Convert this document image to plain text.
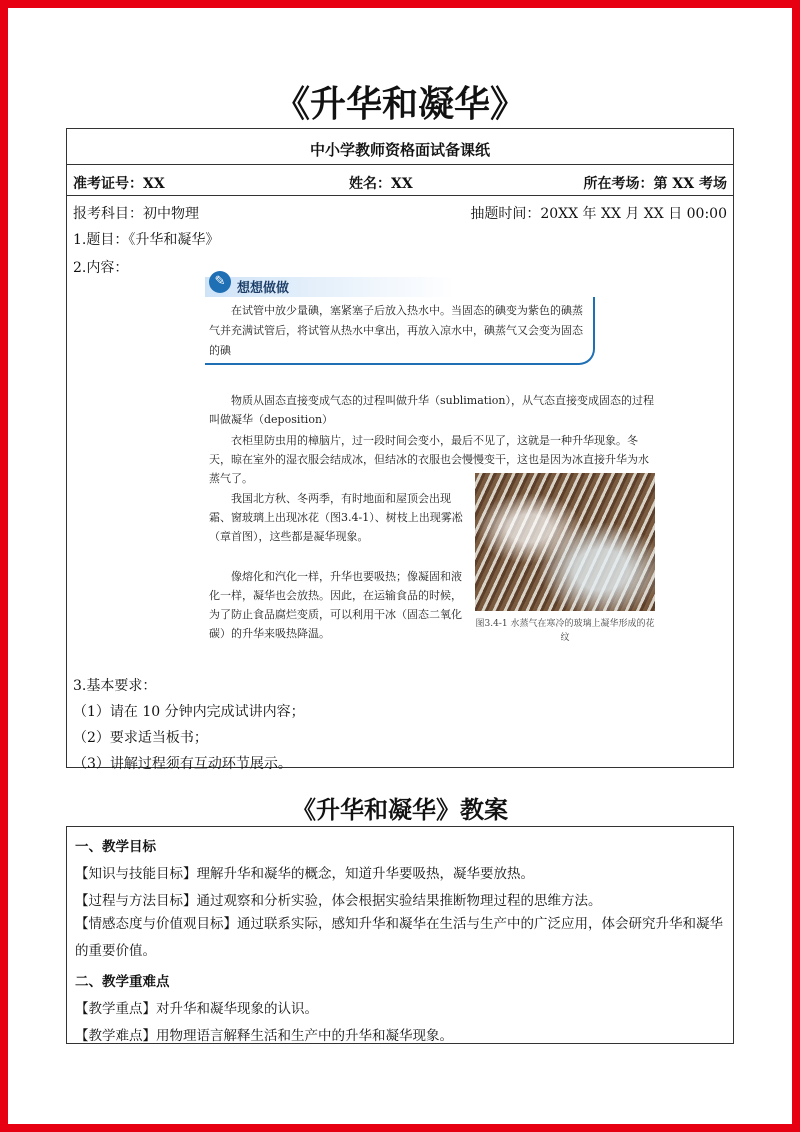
《升华和凝华》
中小学教师资格面试备课纸
准考证号：XX	姓名：XX	所在考场：第 XX 考场
报考科目：初中物理	抽题时间：20XX 年 XX 月 XX 日 00:00
1.题目：《升华和凝华》
2.内容：
✎ 想想做做
在试管中放少量碘，塞紧塞子后放入热水中。当固态的碘变为紫色的碘蒸气并充满试管后，将试管从热水中拿出，再放入凉水中，碘蒸气又会变为固态的碘
物质从固态直接变成气态的过程叫做升华（sublimation），从气态直接变成固态的过程叫做凝华（deposition）
衣柜里防虫用的樟脑片，过一段时间会变小，最后不见了，这就是一种升华现象。冬天，晾在室外的湿衣服会结成冰，但结冰的衣服也会慢慢变干，这也是因为冰直接升华为水蒸气了。
我国北方秋、冬两季，有时地面和屋顶会出现霜、窗玻璃上出现冰花（图3.4-1）、树枝上出现雾凇（章首图），这些都是凝华现象。
像熔化和汽化一样，升华也要吸热；像凝固和液化一样，凝华也会放热。因此，在运输食品的时候，为了防止食品腐烂变质，可以利用干冰（固态二氧化碳）的升华来吸热降温。
图3.4-1 水蒸气在寒冷的玻璃上凝华形成的花纹
3.基本要求：
（1）请在 10 分钟内完成试讲内容；
（2）要求适当板书；
（3）讲解过程须有互动环节展示。
《升华和凝华》教案
一、教学目标
【知识与技能目标】理解升华和凝华的概念，知道升华要吸热，凝华要放热。
【过程与方法目标】通过观察和分析实验，体会根据实验结果推断物理过程的思维方法。
【情感态度与价值观目标】通过联系实际，感知升华和凝华在生活与生产中的广泛应用，体会研究升华和凝华的重要价值。
二、教学重难点
【教学重点】对升华和凝华现象的认识。
【教学难点】用物理语言解释生活和生产中的升华和凝华现象。
